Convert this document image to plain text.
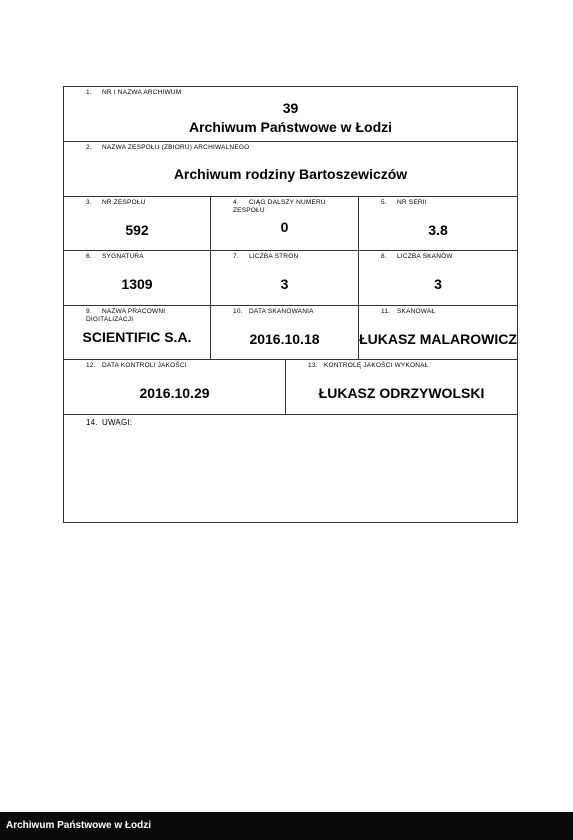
1. NR I NAZWA ARCHIWUM
39
Archiwum Państwowe w Łodzi
2. NAZWA ZESPOŁU (ZBIORU) ARCHIWALNEGO
Archiwum rodziny Bartoszewiczów
3. NR ZESPOŁU
592
4. CIĄG DALSZY NUMERU ZESPOŁU
0
5. NR SERII
3.8
6. SYGNATURA
1309
7. LICZBA STRON
3
8. LICZBA SKANÓW
3
9. NAZWA PRACOWNI DIGITALIZACJI
SCIENTIFIC S.A.
10. DATA SKANOWANIA
2016.10.18
11. SKANOWAŁ
ŁUKASZ MALAROWICZ
12. DATA KONTROLI JAKOŚCI
2016.10.29
13. KONTROLĘ JAKOŚCI WYKONAŁ
ŁUKASZ ODRZYWOLSKI
14. UWAGI:
Archiwum Państwowe w Łodzi
